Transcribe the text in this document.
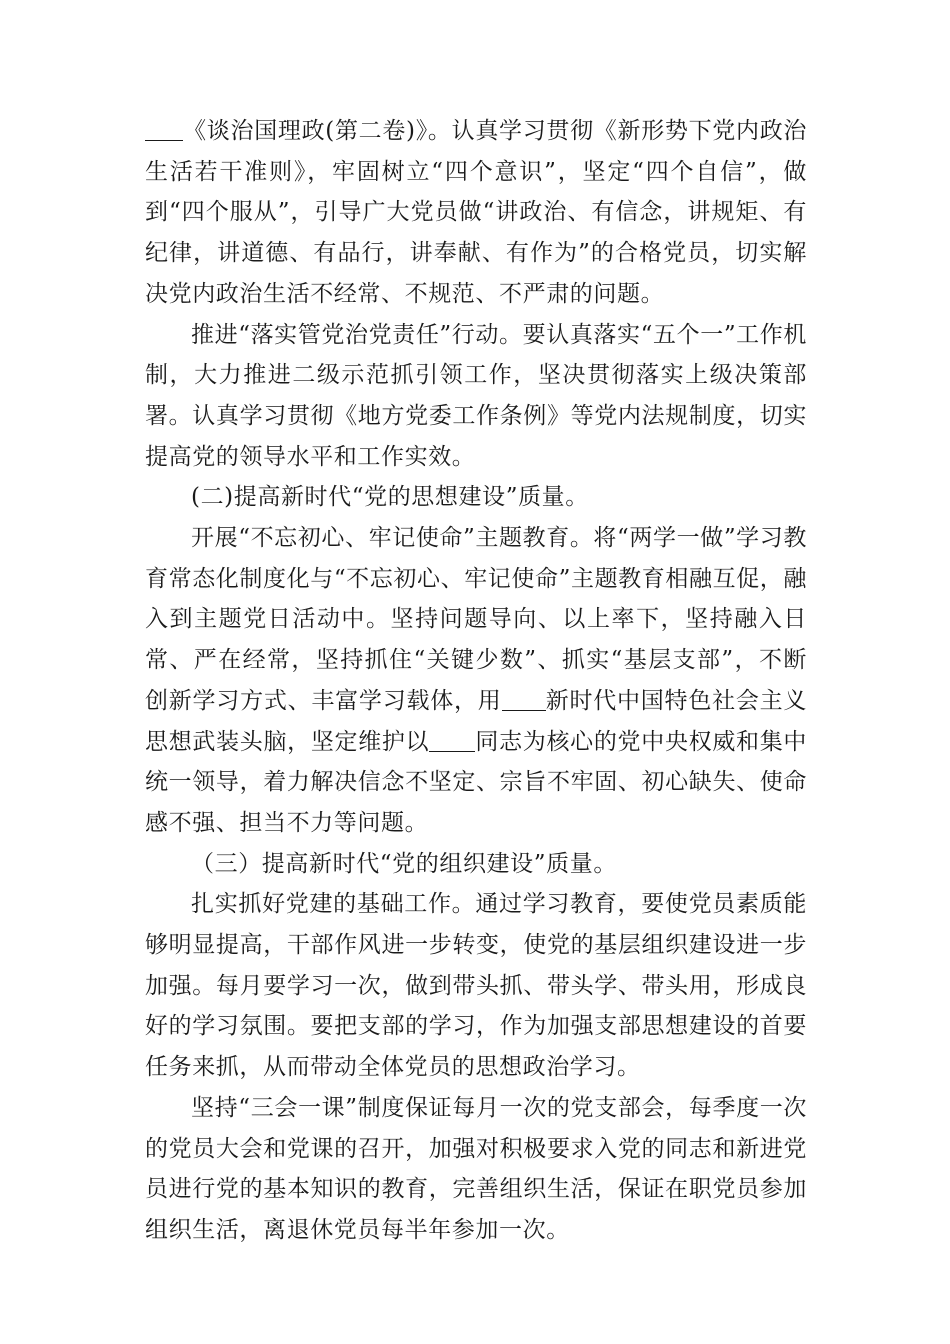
《谈治国理政(第二卷)》。认真学习贯彻《新形势下党内政治生活若干准则》，牢固树立“四个意识”，坚定“四个自信”，做到“四个服从”，引导广大党员做“讲政治、有信念，讲规矩、有纪律，讲道德、有品行，讲奉献、有作为”的合格党员，切实解决党内政治生活不经常、不规范、不严肃的问题。

推进“落实管党治党责任”行动。要认真落实“五个一”工作机制，大力推进二级示范抓引领工作，坚决贯彻落实上级决策部署。认真学习贯彻《地方党委工作条例》等党内法规制度，切实提高党的领导水平和工作实效。

(二)提高新时代“党的思想建设”质量。

开展“不忘初心、牢记使命”主题教育。将“两学一做”学习教育常态化制度化与“不忘初心、牢记使命”主题教育相融互促，融入到主题党日活动中。坚持问题导向、以上率下，坚持融入日常、严在经常，坚持抓住“关键少数”、抓实“基层支部”，不断创新学习方式、丰富学习载体，用 新时代中国特色社会主义思想武装头脑，坚定维护以 同志为核心的党中央权威和集中统一领导，着力解决信念不坚定、宗旨不牢固、初心缺失、使命感不强、担当不力等问题。

（三）提高新时代“党的组织建设”质量。

扎实抓好党建的基础工作。通过学习教育，要使党员素质能够明显提高，干部作风进一步转变，使党的基层组织建设进一步加强。每月要学习一次，做到带头抓、带头学、带头用，形成良好的学习氛围。要把支部的学习，作为加强支部思想建设的首要任务来抓，从而带动全体党员的思想政治学习。

坚持“三会一课”制度保证每月一次的党支部会，每季度一次的党员大会和党课的召开，加强对积极要求入党的同志和新进党员进行党的基本知识的教育，完善组织生活，保证在职党员参加组织生活，离退休党员每半年参加一次。
